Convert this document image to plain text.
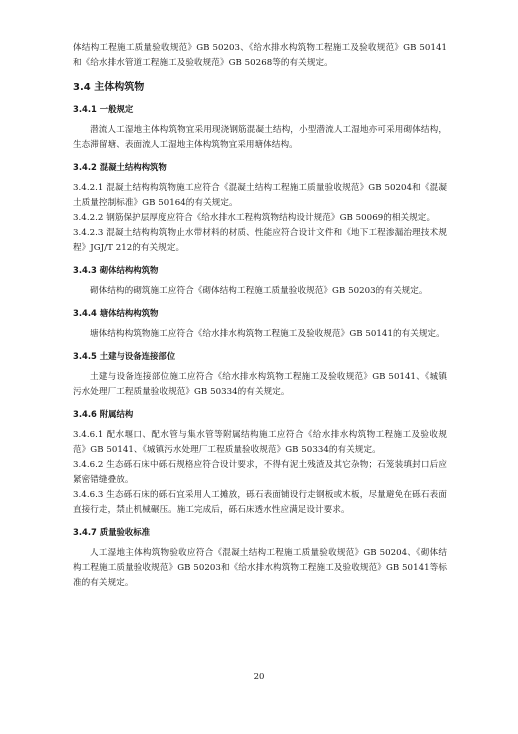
体结构工程施工质量验收规范》GB 50203、《给水排水构筑物工程施工及验收规范》GB 50141和《给水排水管道工程施工及验收规范》GB 50268等的有关规定。

3.4 主体构筑物
3.4.1 一般规定

潜流人工湿地主体构筑物宜采用现浇钢筋混凝土结构，小型潜流人工湿地亦可采用砌体结构，生态滞留塘、表面流人工湿地主体构筑物宜采用塘体结构。

3.4.2 混凝土结构构筑物

3.4.2.1 混凝土结构构筑物施工应符合《混凝土结构工程施工质量验收规范》GB 50204和《混凝土质量控制标准》GB 50164的有关规定。

3.4.2.2 钢筋保护层厚度应符合《给水排水工程构筑物结构设计规范》GB 50069的相关规定。

3.4.2.3 混凝土结构构筑物止水带材料的材质、性能应符合设计文件和《地下工程渗漏治理技术规程》JGJ/T 212的有关规定。

3.4.3 砌体结构构筑物

砌体结构的砌筑施工应符合《砌体结构工程施工质量验收规范》GB 50203的有关规定。

3.4.4 塘体结构构筑物

塘体结构构筑物施工应符合《给水排水构筑物工程施工及验收规范》GB 50141的有关规定。

3.4.5 土建与设备连接部位

土建与设备连接部位施工应符合《给水排水构筑物工程施工及验收规范》GB 50141、《城镇污水处理厂工程质量验收规范》GB 50334的有关规定。

3.4.6 附属结构

3.4.6.1 配水堰口、配水管与集水管等附属结构施工应符合《给水排水构筑物工程施工及验收规范》GB 50141、《城镇污水处理厂工程质量验收规范》GB 50334的有关规定。

3.4.6.2 生态砾石床中砾石规格应符合设计要求，不得有泥土残渣及其它杂物；石笼装填封口后应紧密错缝叠放。

3.4.6.3 生态砾石床的砾石宜采用人工摊放，砾石表面铺设行走钢板或木板，尽量避免在砾石表面直接行走，禁止机械碾压。施工完成后，砾石床透水性应满足设计要求。

3.4.7 质量验收标准

人工湿地主体构筑物验收应符合《混凝土结构工程施工质量验收规范》GB 50204、《砌体结构工程施工质量验收规范》GB 50203和《给水排水构筑物工程施工及验收规范》GB 50141等标准的有关规定。

20
